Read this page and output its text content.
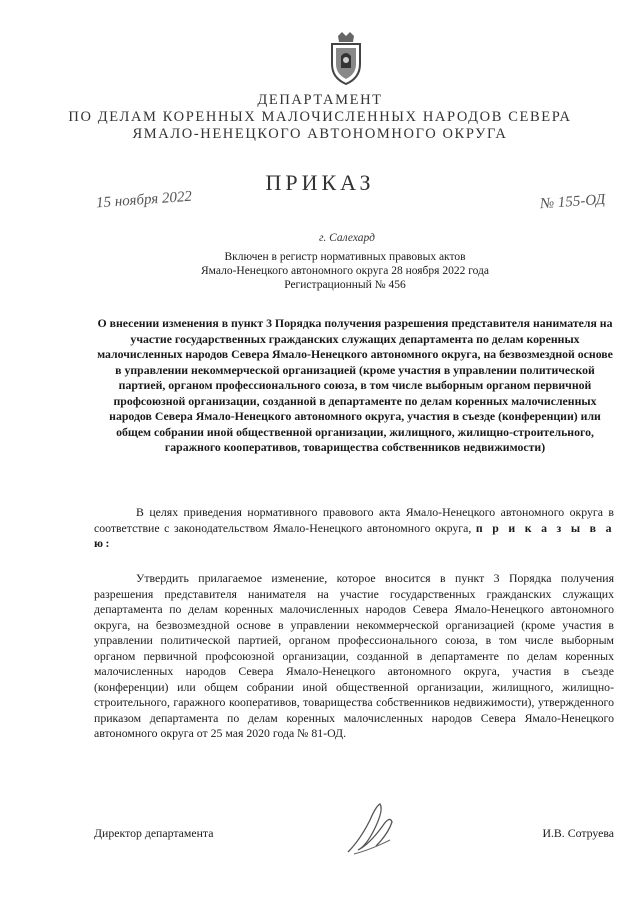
ДЕПАРТАМЕНТ
ПО ДЕЛАМ КОРЕННЫХ МАЛОЧИСЛЕННЫХ НАРОДОВ СЕВЕРА
ЯМАЛО-НЕНЕЦКОГО АВТОНОМНОГО ОКРУГА
ПРИКАЗ
15 ноября 2022	№ 155-ОД
г. Салехард
Включен в регистр нормативных правовых актов
Ямало-Ненецкого автономного округа 28 ноября 2022 года
Регистрационный № 456
О внесении изменения в пункт 3 Порядка получения разрешения представителя нанимателя на участие государственных гражданских служащих департамента по делам коренных малочисленных народов Севера Ямало-Ненецкого автономного округа, на безвозмездной основе в управлении некоммерческой организацией (кроме участия в управлении политической партией, органом профессионального союза, в том числе выборным органом первичной профсоюзной организации, созданной в департаменте по делам коренных малочисленных народов Севера Ямало-Ненецкого автономного округа, участия в съезде (конференции) или общем собрании иной общественной организации, жилищного, жилищно-строительного, гаражного кооперативов, товарищества собственников недвижимости)
В целях приведения нормативного правового акта Ямало-Ненецкого автономного округа в соответствие с законодательством Ямало-Ненецкого автономного округа, п р и к а з ы в а ю:
Утвердить прилагаемое изменение, которое вносится в пункт 3 Порядка получения разрешения представителя нанимателя на участие государственных гражданских служащих департамента по делам коренных малочисленных народов Севера Ямало-Ненецкого автономного округа, на безвозмездной основе в управлении некоммерческой организацией (кроме участия в управлении политической партией, органом профессионального союза, в том числе выборным органом первичной профсоюзной организации, созданной в департаменте по делам коренных малочисленных народов Севера Ямало-Ненецкого автономного округа, участия в съезде (конференции) или общем собрании иной общественной организации, жилищного, жилищно-строительного, гаражного кооперативов, товарищества собственников недвижимости), утвержденного приказом департамента по делам коренных малочисленных народов Севера Ямало-Ненецкого автономного округа от 25 мая 2020 года № 81-ОД.
Директор департамента	И.В. Сотруева
